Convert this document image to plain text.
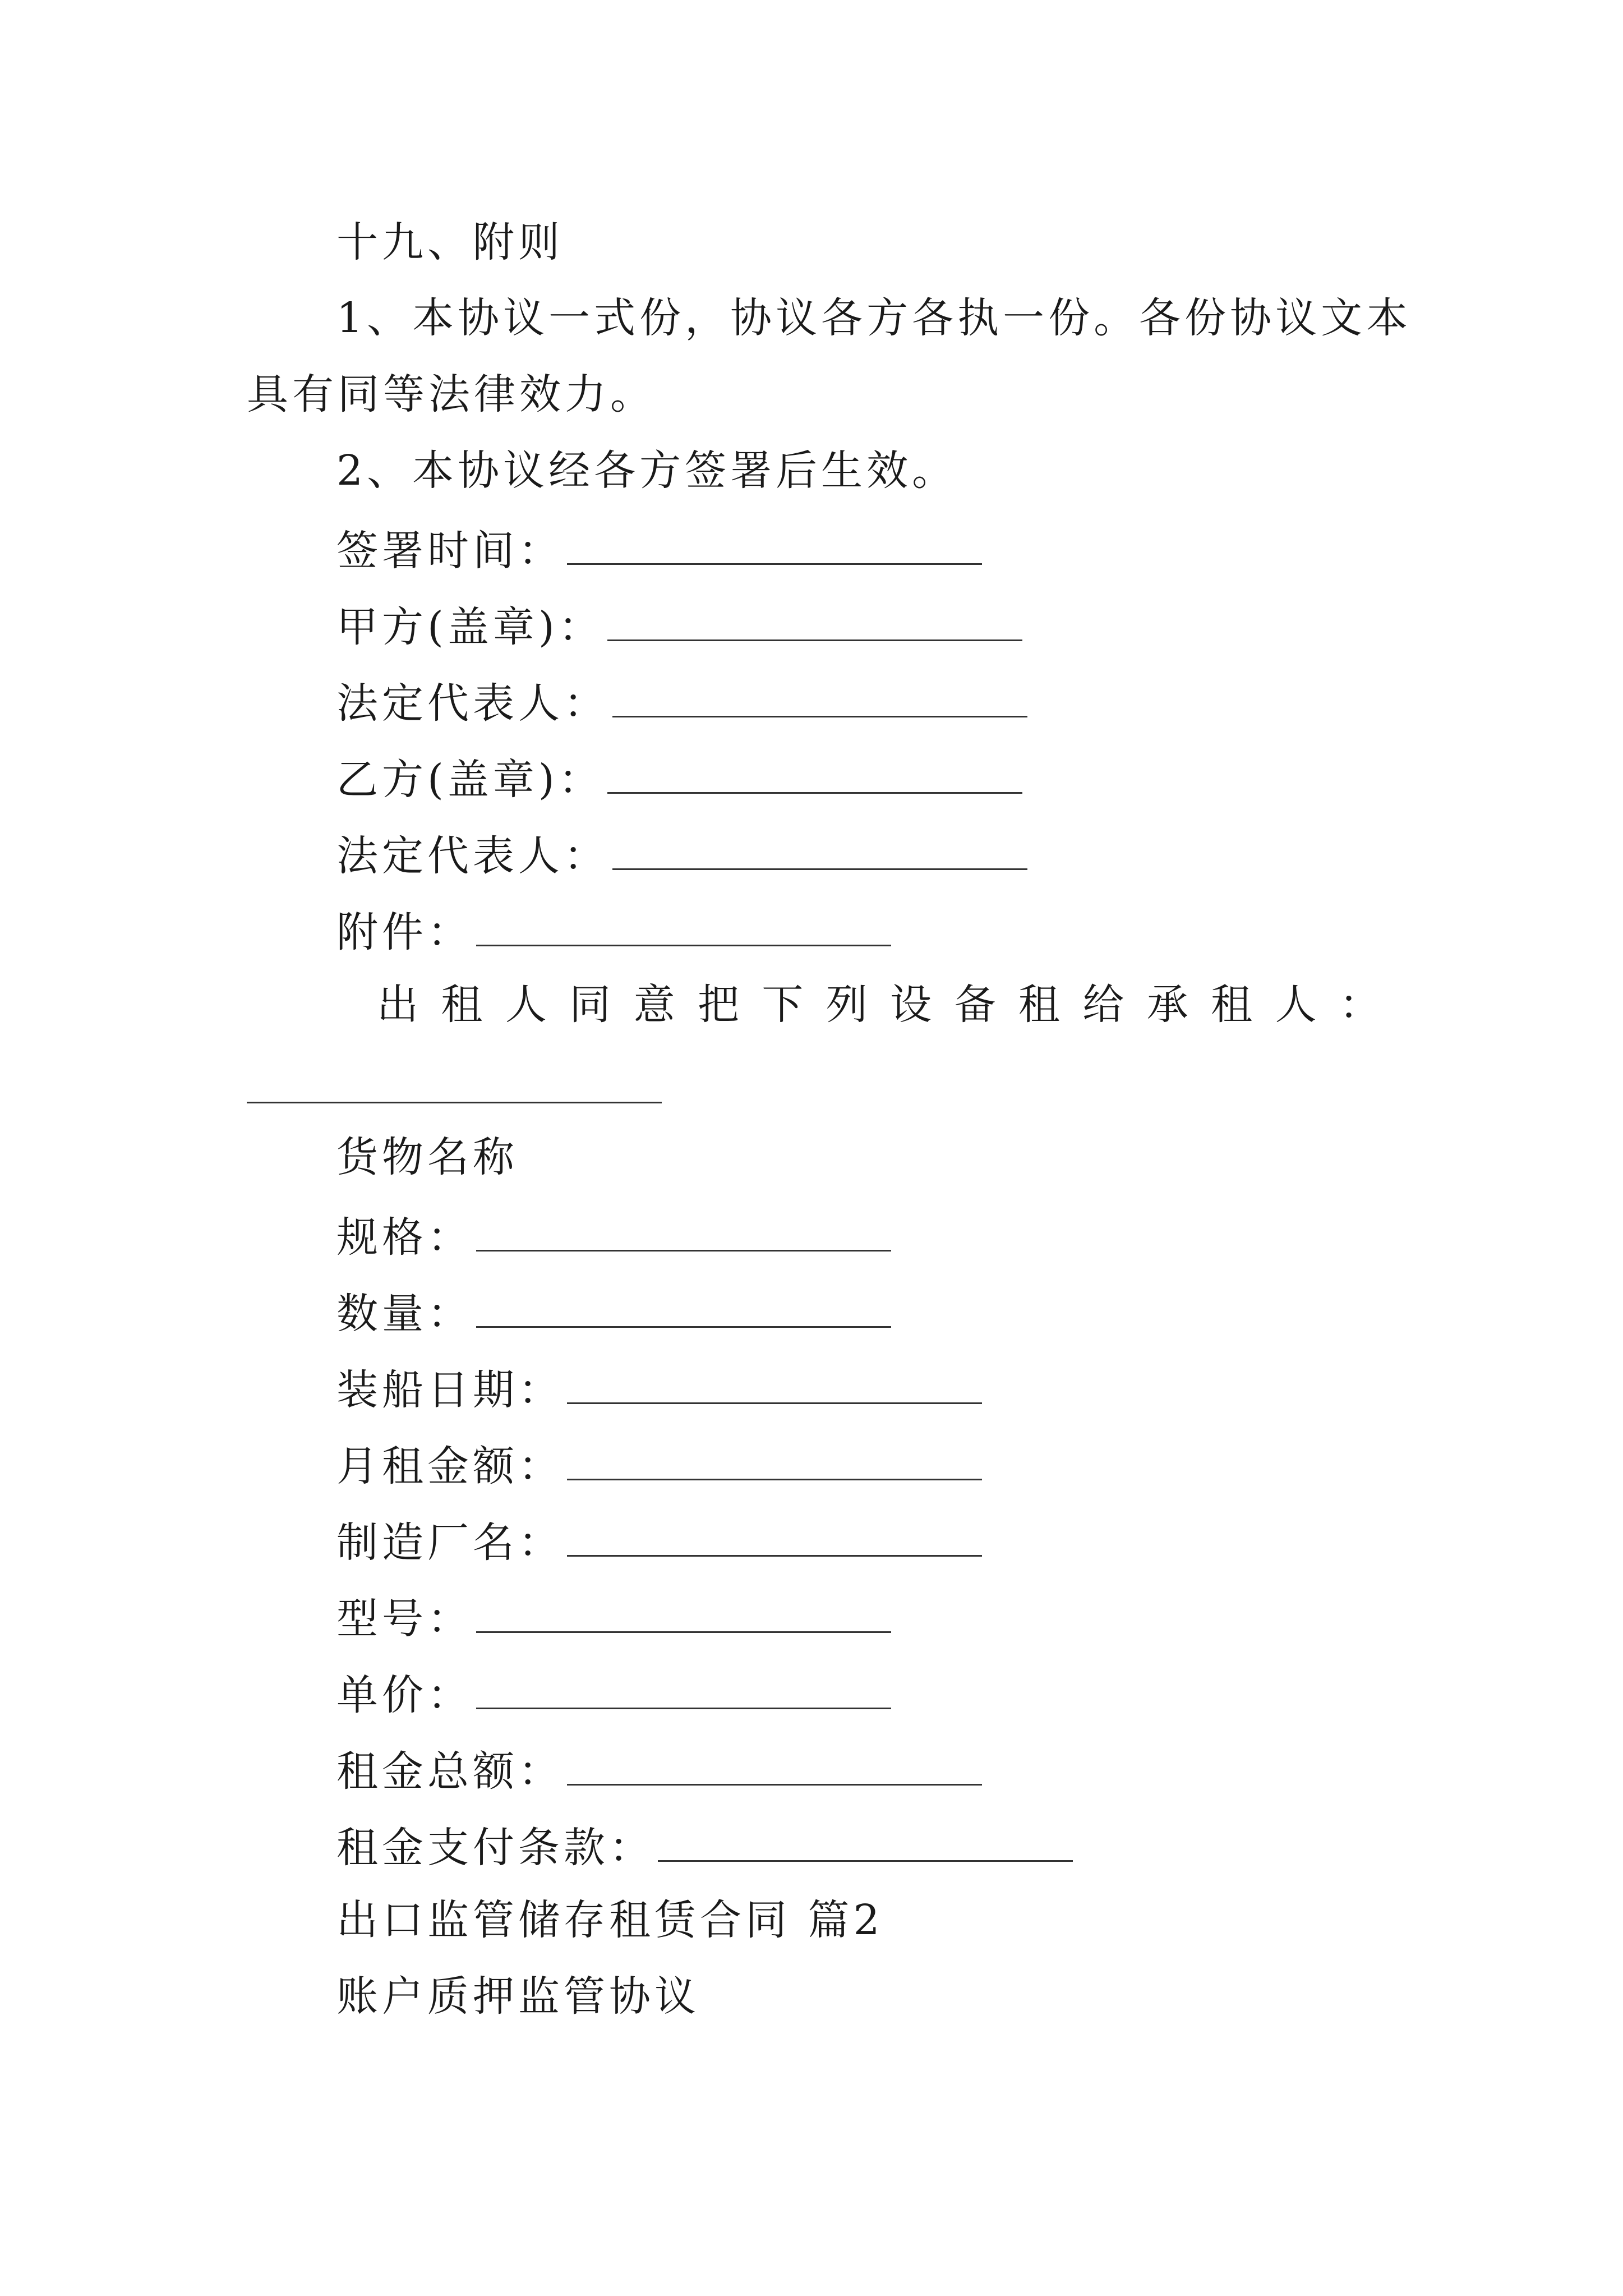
十九、附则
1、本协议一式份，协议各方各执一份。各份协议文本
具有同等法律效力。
2、本协议经各方签署后生效。
签署时间：
甲方(盖章)：
法定代表人：
乙方(盖章)：
法定代表人：
附件：
出 租 人 同 意 把 下 列 设 备 租 给 承 租 人 ：
货物名称
规格：
数量：
装船日期：
月租金额：
制造厂名：
型号：
单价：
租金总额：
租金支付条款：
出口监管储存租赁合同 篇2
账户质押监管协议
